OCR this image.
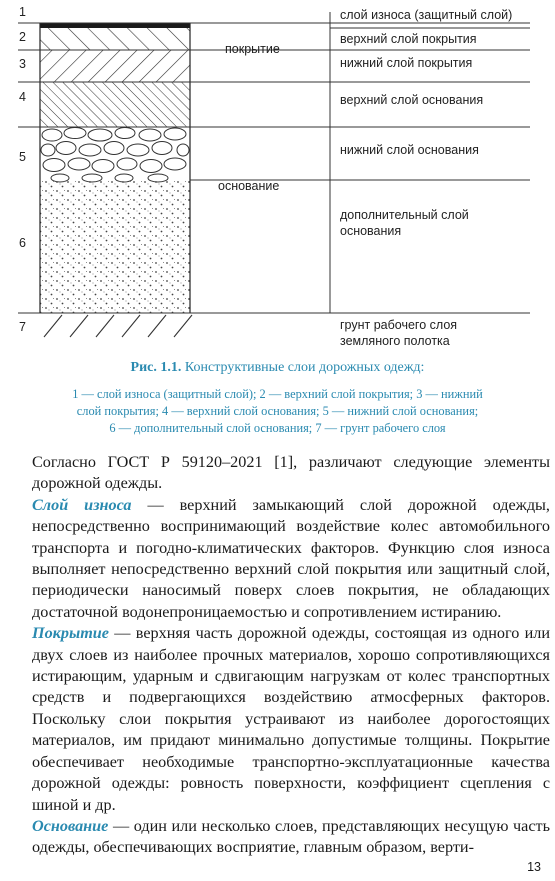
1
2
3
4
5
6
7
покрытие
основание
слой износа (защитный слой)
верхний слой покрытия
нижний слой покрытия
верхний слой основания
нижний слой основания
дополнительный слой
основания
грунт рабочего слоя
земляного полотка
Рис. 1.1. Конструктивные слои дорожных одежд:
1 — слой износа (защитный слой); 2 — верхний слой покрытия; 3 — нижний
слой покрытия; 4 — верхний слой основания; 5 — нижний слой основания;
6 — дополнительный слой основания; 7 — грунт рабочего слоя

Согласно ГОСТ Р 59120–2021 [1], различают следующие элементы дорожной одежды.

Слой износа — верхний замыкающий слой дорожной одежды, непосредственно воспринимающий воздействие колес автомобильного транспорта и погодно-климатических факторов. Функцию слоя износа выполняет непосредственно верхний слой покрытия или защитный слой, периодически наносимый поверх слоев покрытия, не обладающих достаточной водонепроницаемостью и сопротивлением истиранию.

Покрытие — верхняя часть дорожной одежды, состоящая из одного или двух слоев из наиболее прочных материалов, хорошо сопротивляющихся истирающим, ударным и сдвигающим нагрузкам от колес транспортных средств и подвергающихся воздействию атмосферных факторов. Поскольку слои покрытия устраивают из наиболее дорогостоящих материалов, им придают минимально допустимые толщины. Покрытие обеспечивает необходимые транспортно-эксплуатационные качества дорожной одежды: ровность поверхности, коэффициент сцепления с шиной и др.

Основание — один или несколько слоев, представляющих несущую часть одежды, обеспечивающих восприятие, главным образом, верти-

13
